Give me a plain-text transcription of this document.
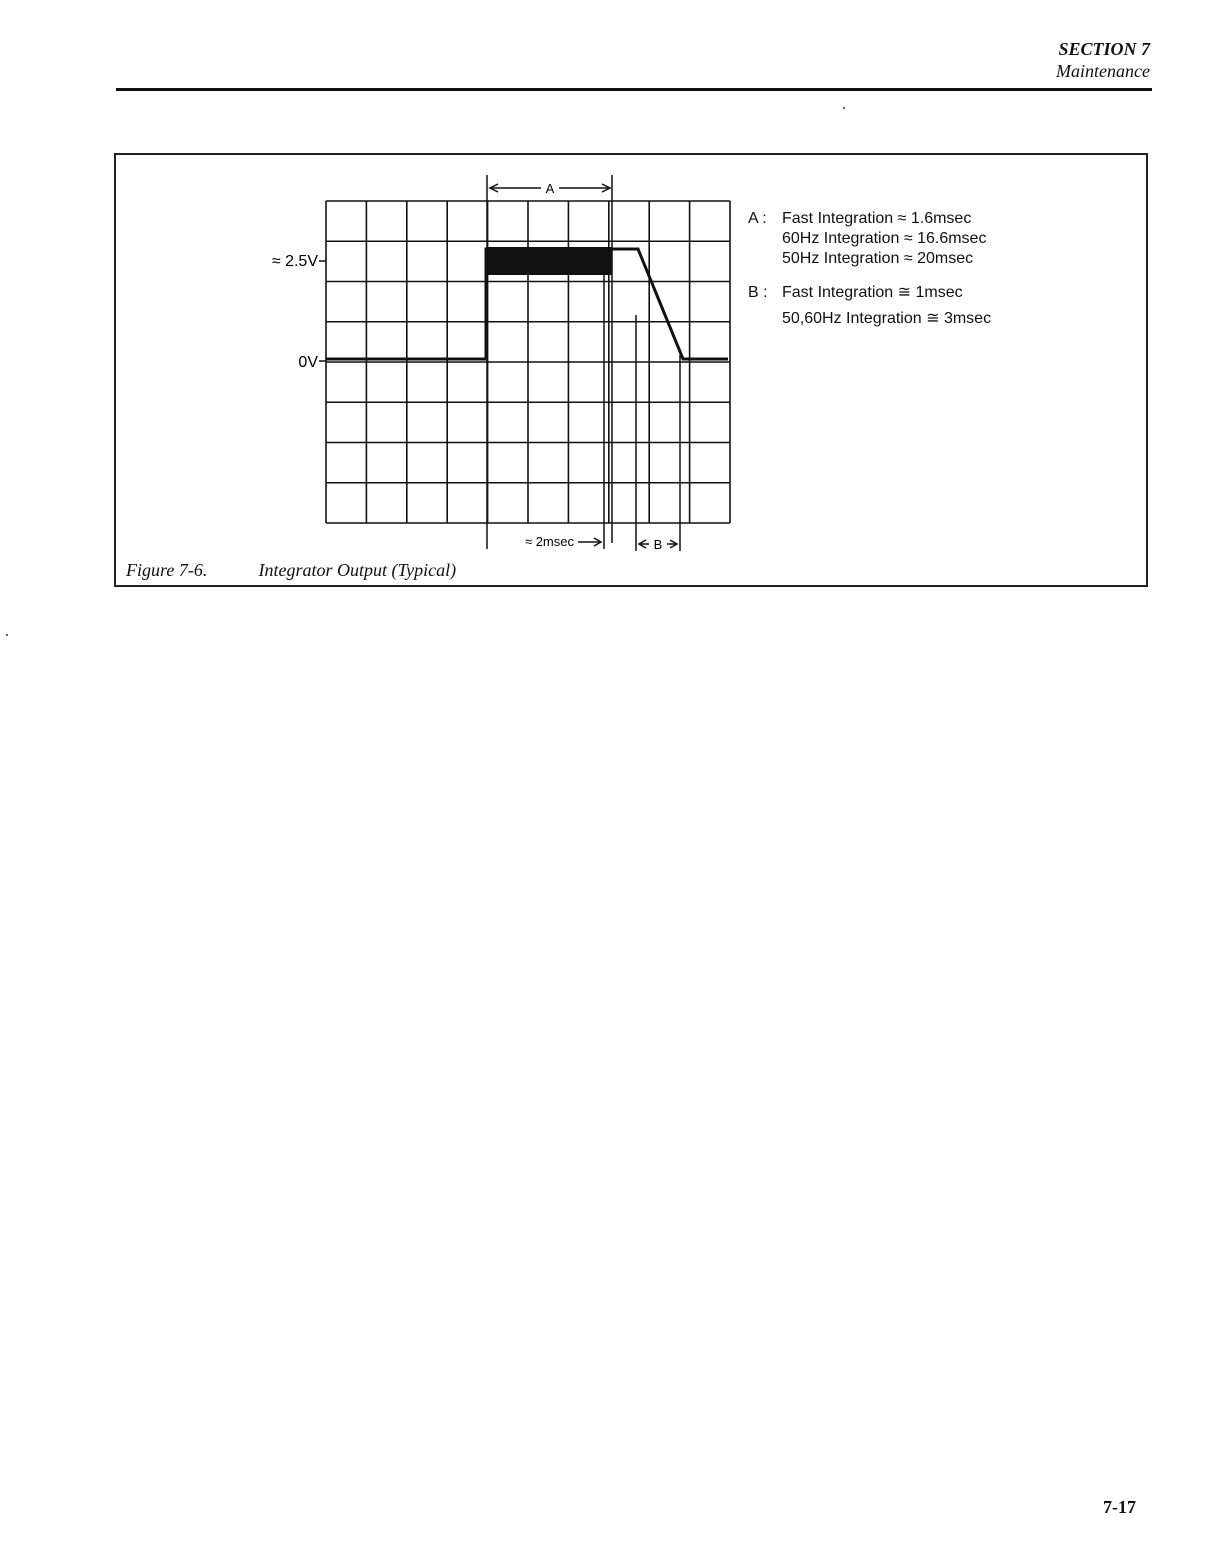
SECTION 7
Maintenance
A
≈ 2msec	B
≈ 2.5V
0V
A : Fast Integration ≈ 1.6msec
60Hz Integration ≈ 16.6msec
50Hz Integration ≈ 20msec
B : Fast Integration ≅ 1msec
50,60Hz Integration ≅ 3msec
Figure 7-6.	Integrator Output (Typical)
7-17
